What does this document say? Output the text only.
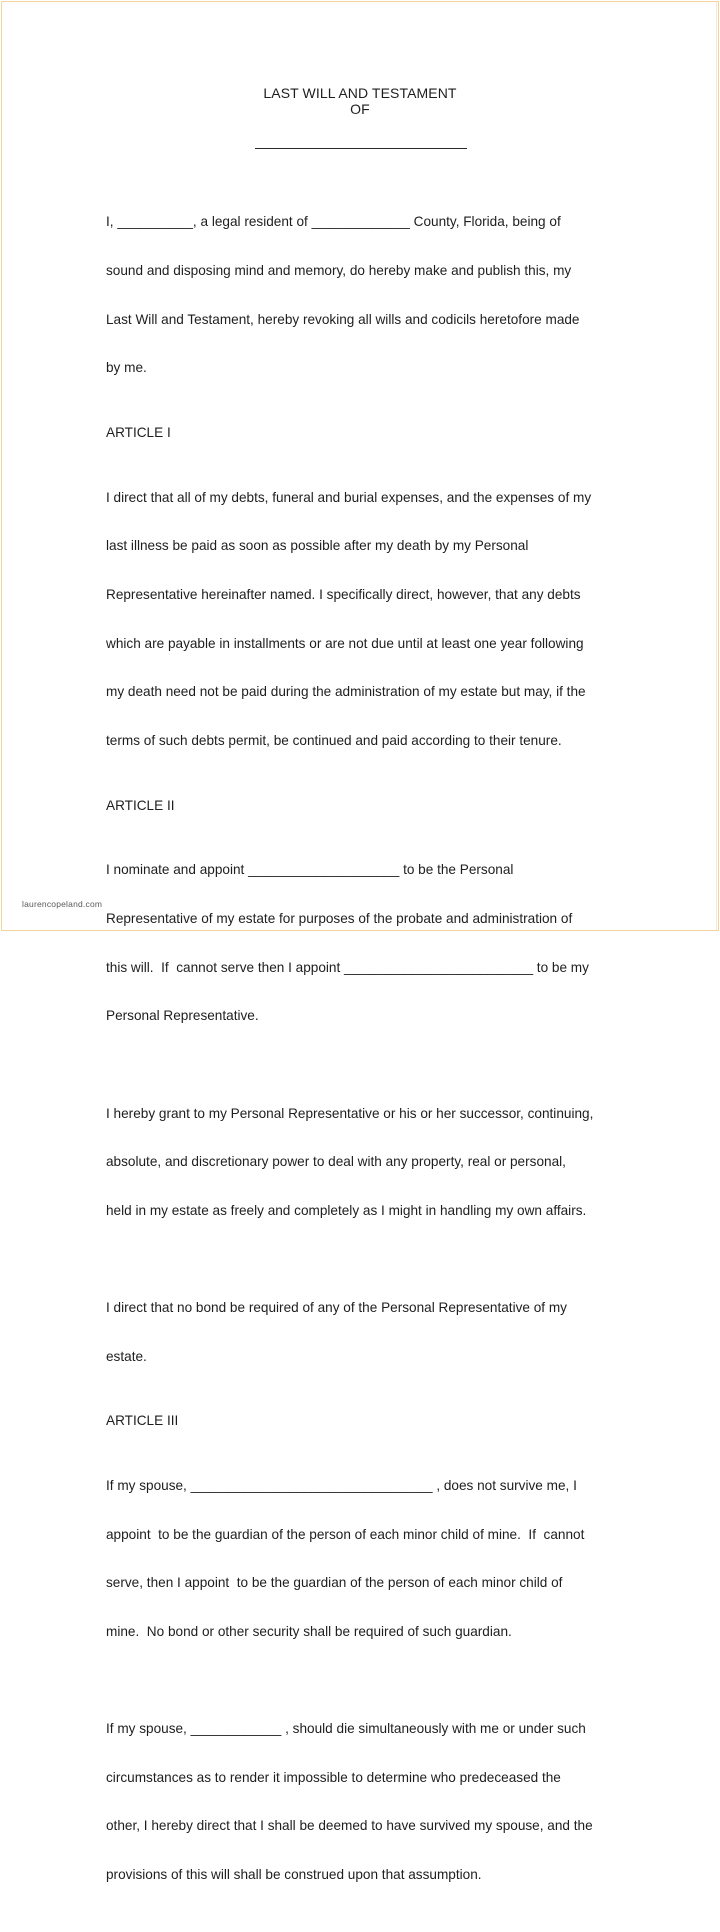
LAST WILL AND TESTAMENT
OF

I, __________, a legal resident of _____________ County, Florida, being of

sound and disposing mind and memory, do hereby make and publish this, my

Last Will and Testament, hereby revoking all wills and codicils heretofore made

by me.

ARTICLE I

I direct that all of my debts, funeral and burial expenses, and the expenses of my

last illness be paid as soon as possible after my death by my Personal

Representative hereinafter named. I specifically direct, however, that any debts

which are payable in installments or are not due until at least one year following

my death need not be paid during the administration of my estate but may, if the

terms of such debts permit, be continued and paid according to their tenure.

ARTICLE II

I nominate and appoint ____________________ to be the Personal

Representative of my estate for purposes of the probate and administration of

this will.  If  cannot serve then I appoint _________________________ to be my

Personal Representative.

I hereby grant to my Personal Representative or his or her successor, continuing,

absolute, and discretionary power to deal with any property, real or personal,

held in my estate as freely and completely as I might in handling my own affairs.

I direct that no bond be required of any of the Personal Representative of my

estate.

ARTICLE III

If my spouse, ________________________________ , does not survive me, I

appoint  to be the guardian of the person of each minor child of mine.  If  cannot

serve, then I appoint  to be the guardian of the person of each minor child of

mine.  No bond or other security shall be required of such guardian.

If my spouse, ____________ , should die simultaneously with me or under such

circumstances as to render it impossible to determine who predeceased the

other, I hereby direct that I shall be deemed to have survived my spouse, and the

provisions of this will shall be construed upon that assumption.

laurencopeland.com
